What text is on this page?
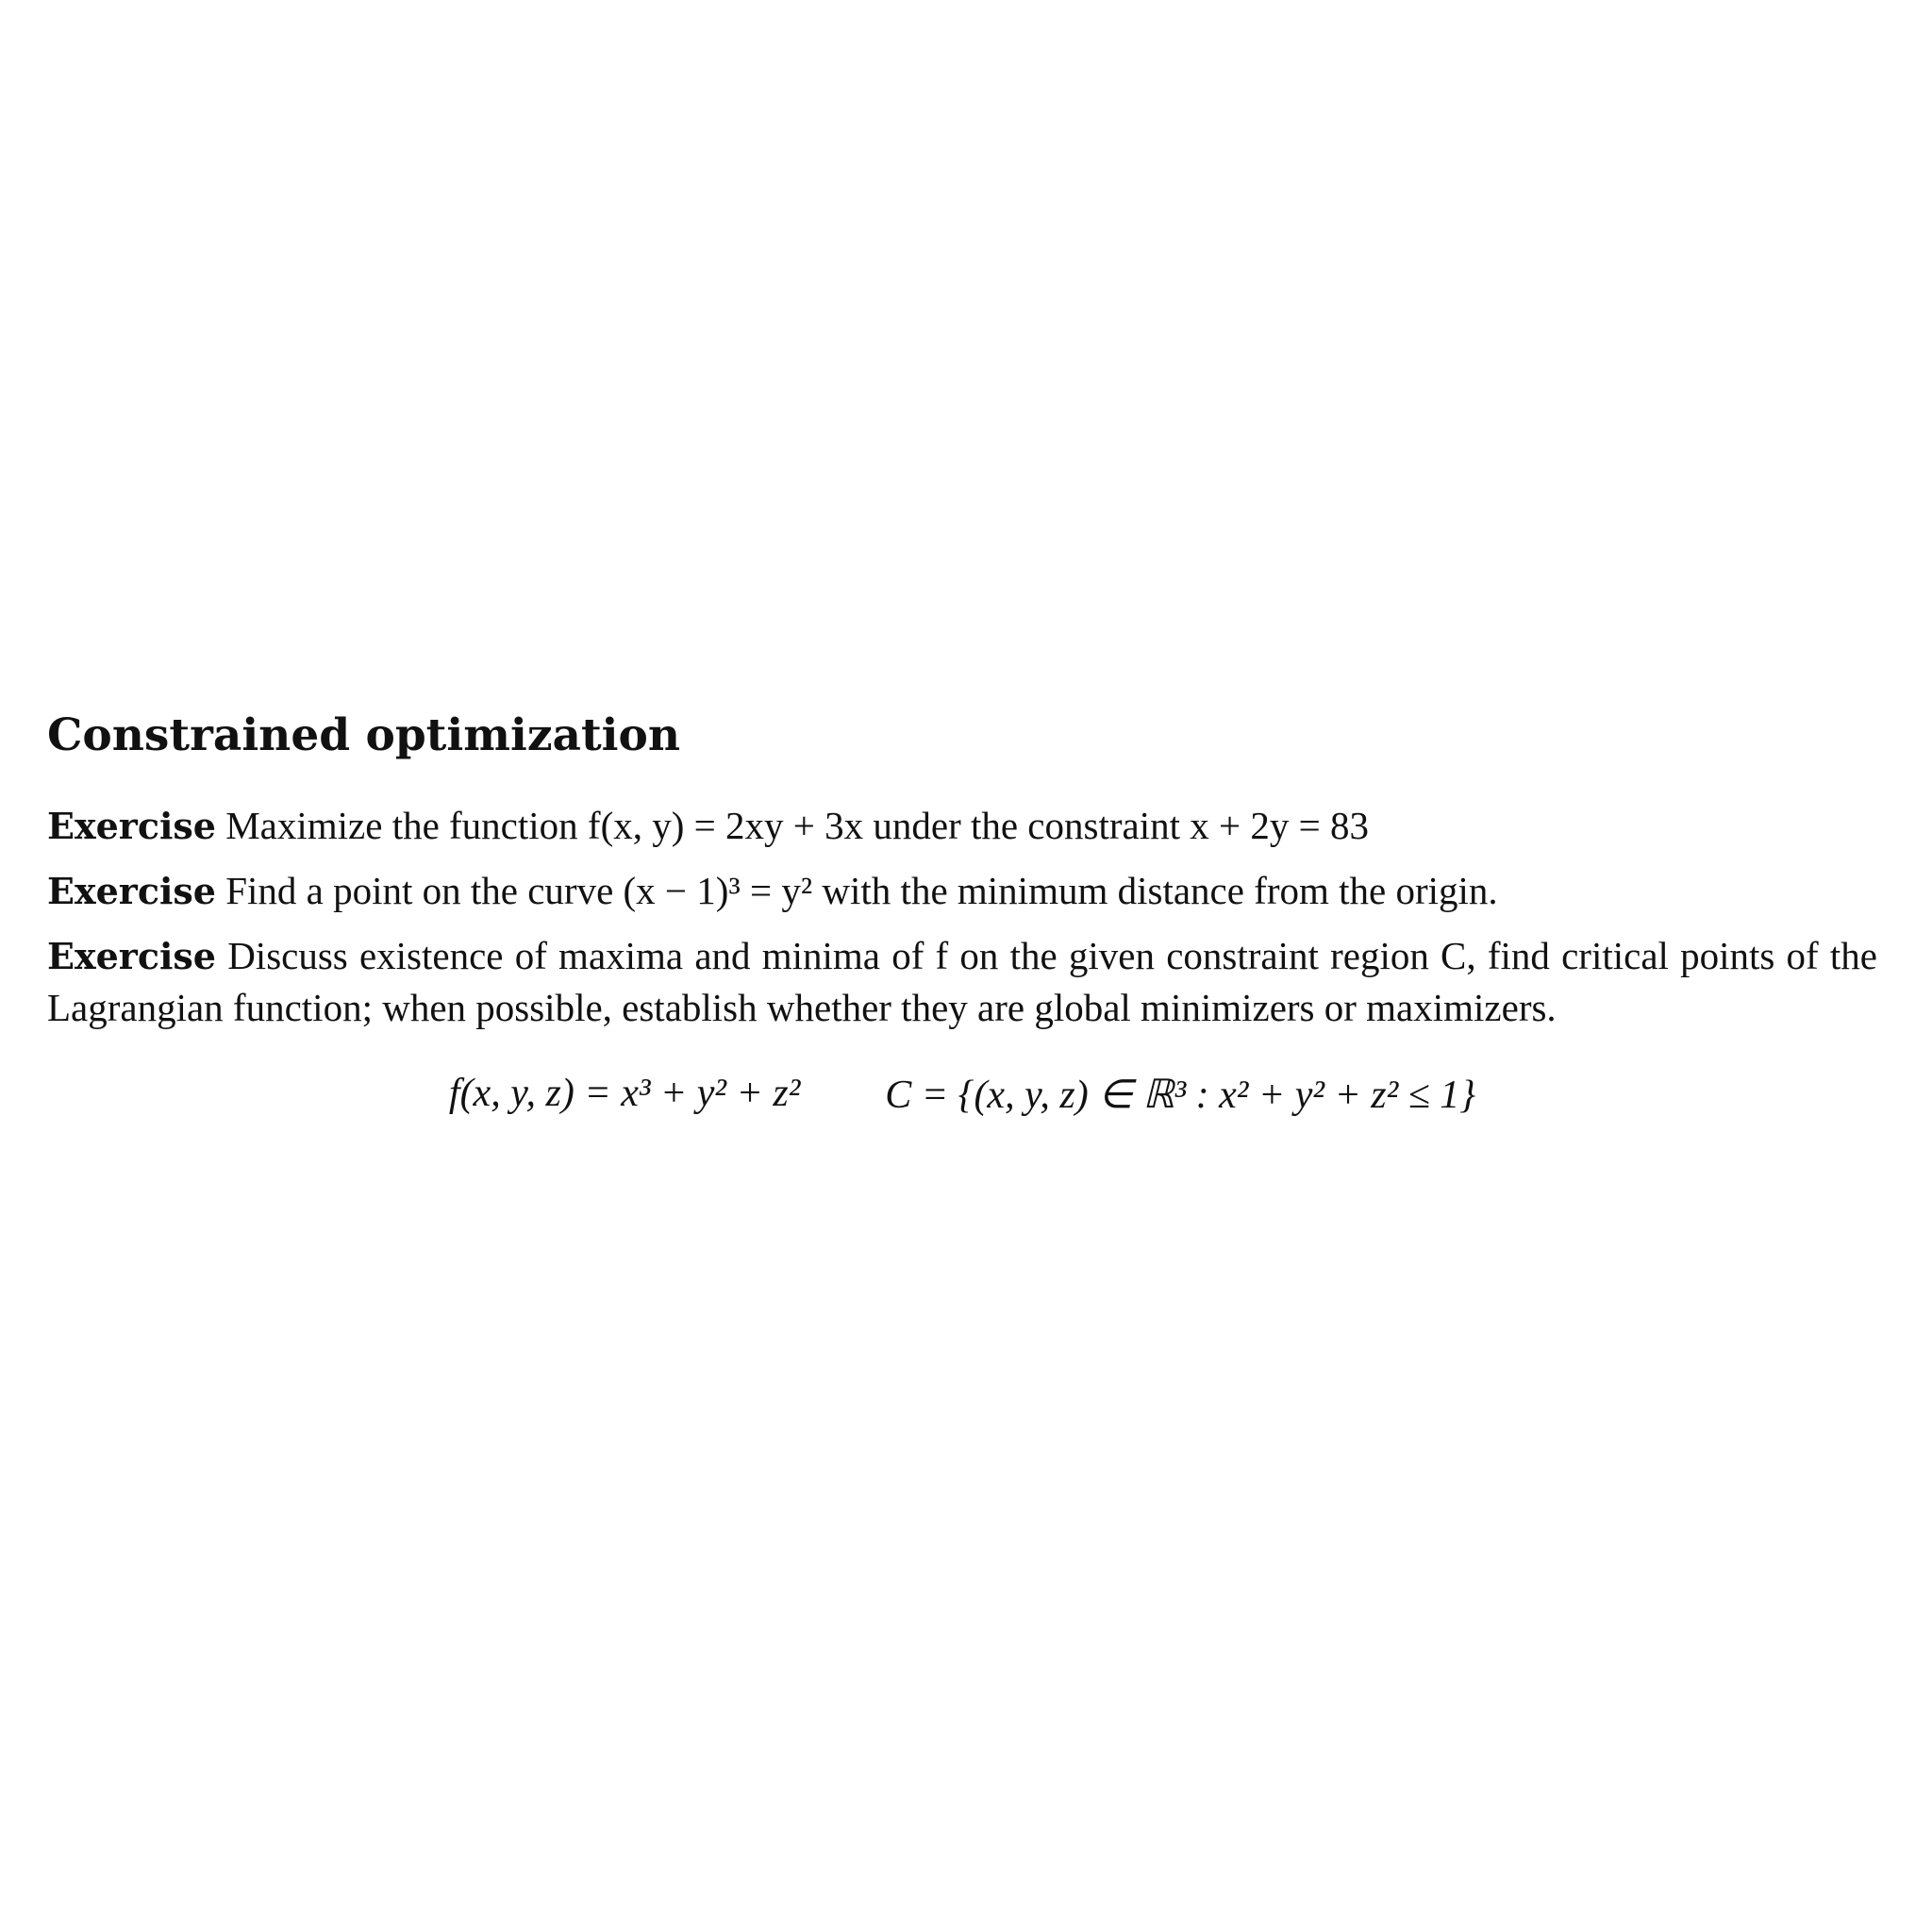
Constrained optimization

Exercise Maximize the function f(x, y) = 2xy + 3x under the constraint x + 2y = 83

Exercise Find a point on the curve (x − 1)³ = y² with the minimum distance from the origin.

Exercise Discuss existence of maxima and minima of f on the given constraint region C, find critical points of the Lagrangian function; when possible, establish whether they are global minimizers or maximizers.

f(x, y, z) = x³ + y² + z² C = {(x, y, z) ∈ ℝ³ : x² + y² + z² ≤ 1}
